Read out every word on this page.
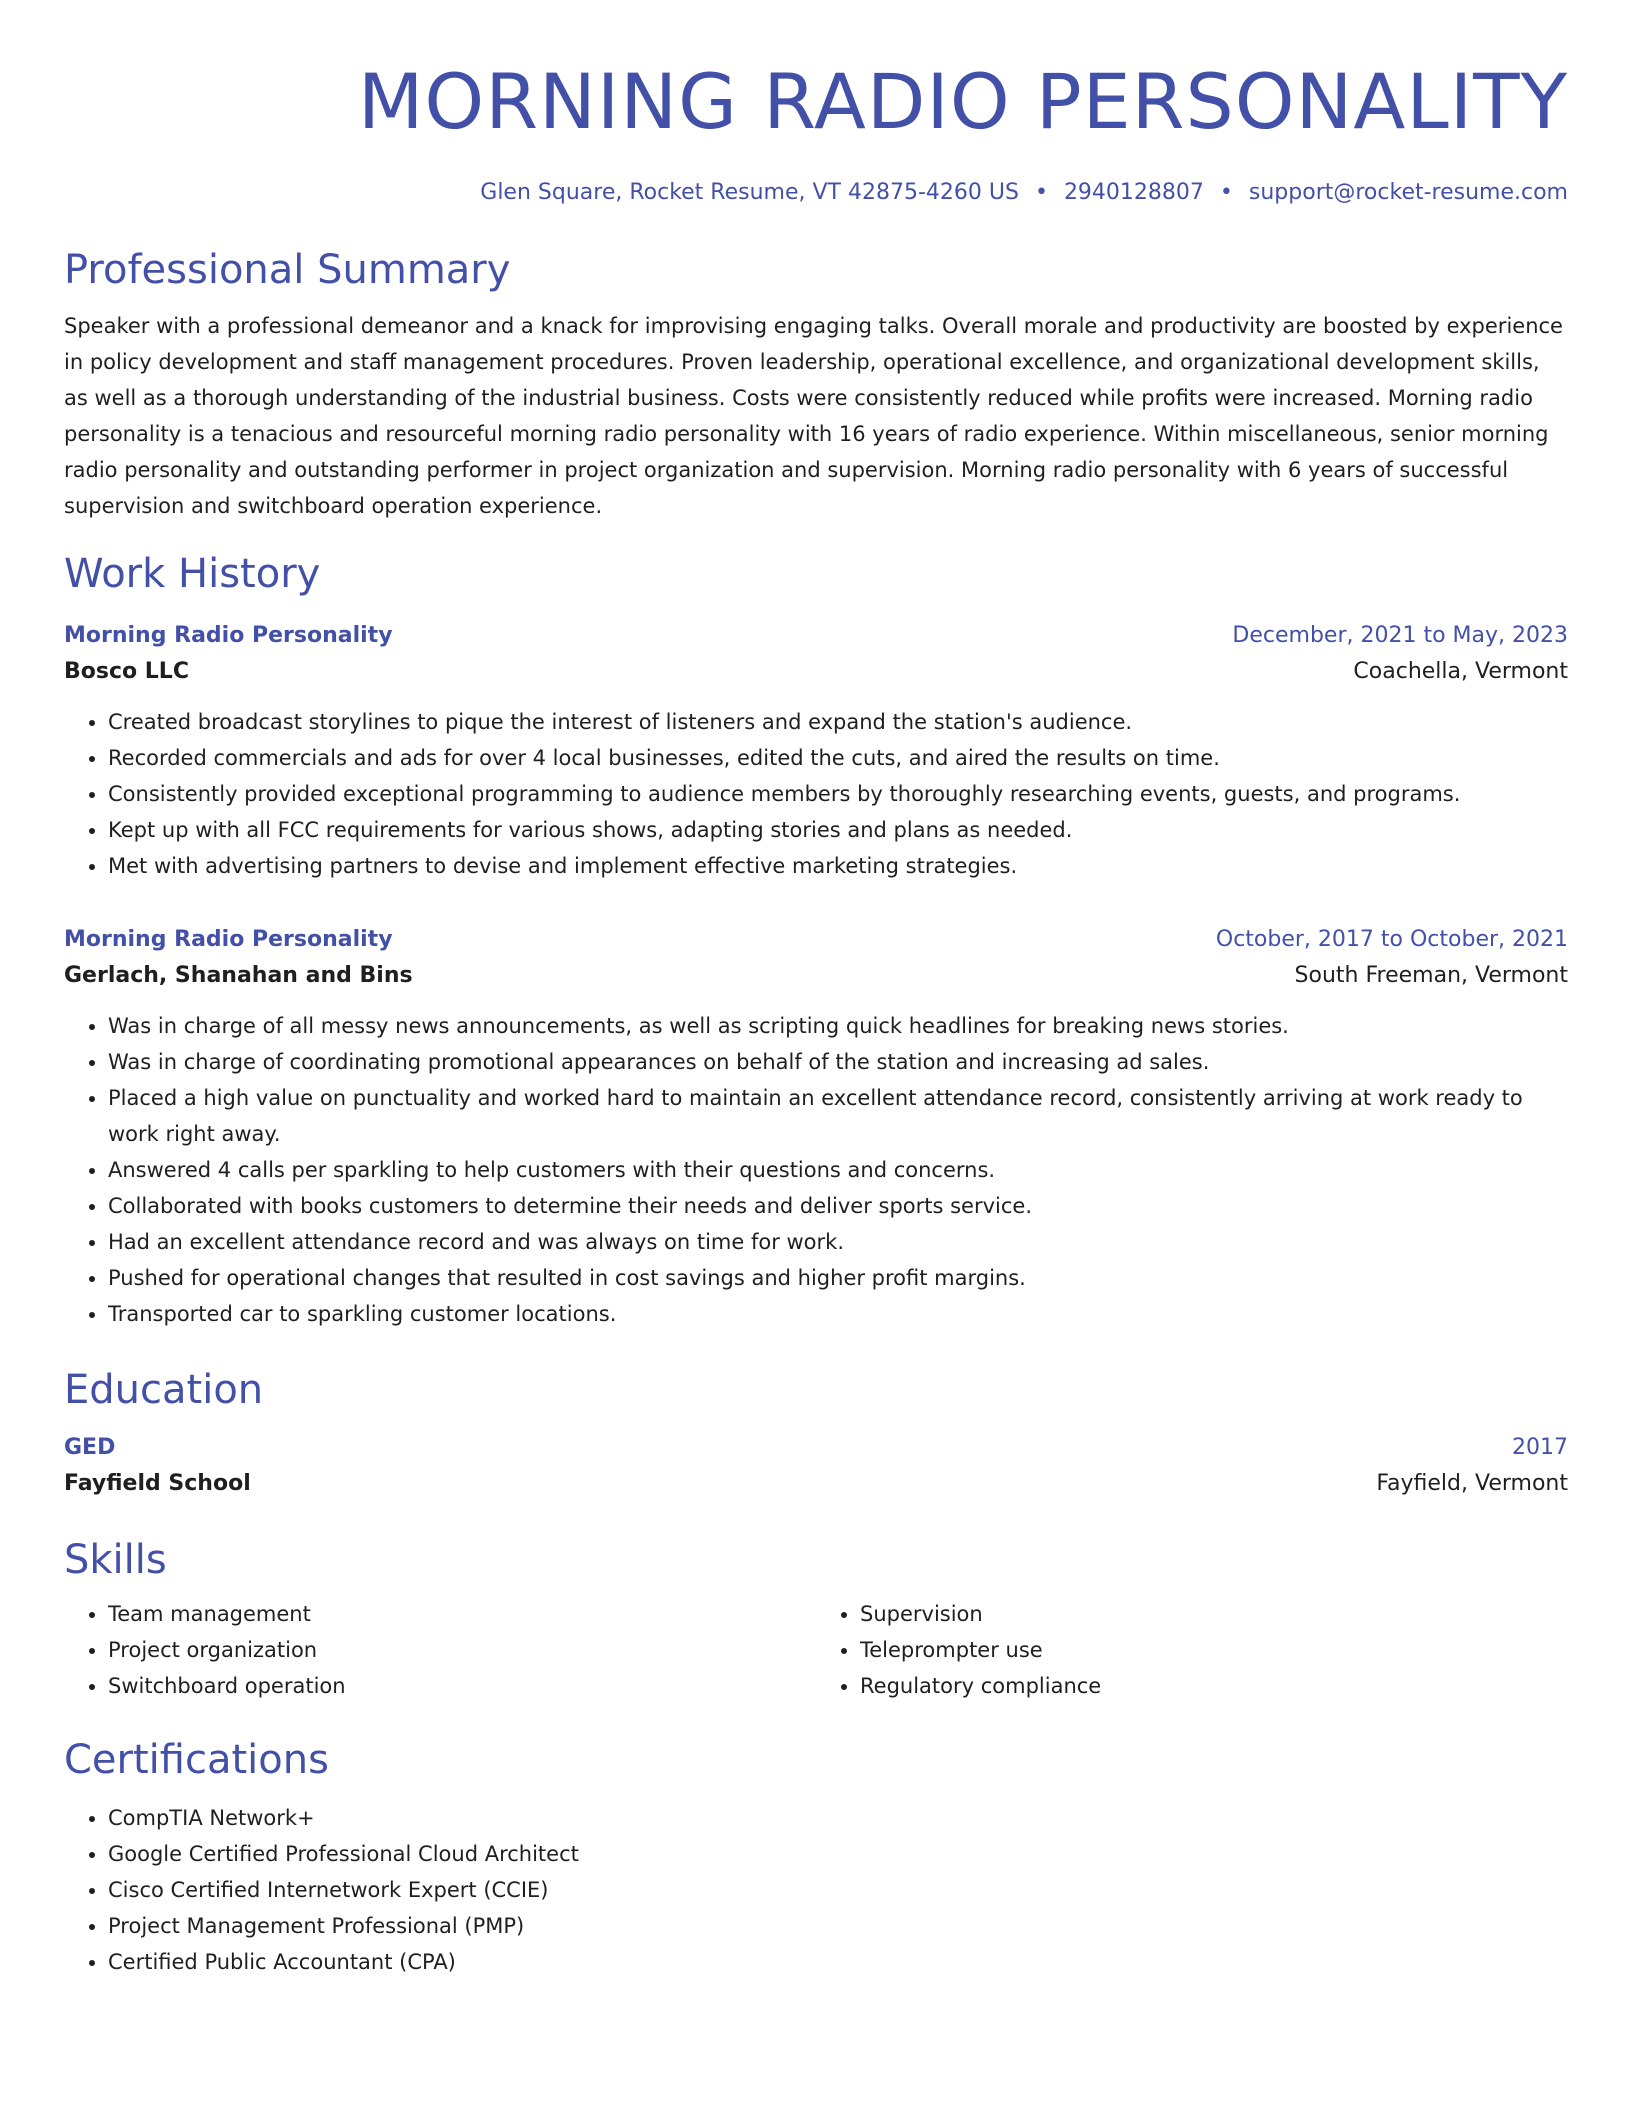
MORNING RADIO PERSONALITY
Glen Square, Rocket Resume, VT 42875-4260 US • 2940128807 • support@rocket-resume.com
Professional Summary
Speaker with a professional demeanor and a knack for improvising engaging talks. Overall morale and productivity are boosted by experience in policy development and staff management procedures. Proven leadership, operational excellence, and organizational development skills, as well as a thorough understanding of the industrial business. Costs were consistently reduced while profits were increased. Morning radio personality is a tenacious and resourceful morning radio personality with 16 years of radio experience. Within miscellaneous, senior morning radio personality and outstanding performer in project organization and supervision. Morning radio personality with 6 years of successful supervision and switchboard operation experience.
Work History
Morning Radio Personality	December, 2021 to May, 2023
Bosco LLC	Coachella, Vermont
• Created broadcast storylines to pique the interest of listeners and expand the station's audience.
• Recorded commercials and ads for over 4 local businesses, edited the cuts, and aired the results on time.
• Consistently provided exceptional programming to audience members by thoroughly researching events, guests, and programs.
• Kept up with all FCC requirements for various shows, adapting stories and plans as needed.
• Met with advertising partners to devise and implement effective marketing strategies.
Morning Radio Personality	October, 2017 to October, 2021
Gerlach, Shanahan and Bins	South Freeman, Vermont
• Was in charge of all messy news announcements, as well as scripting quick headlines for breaking news stories.
• Was in charge of coordinating promotional appearances on behalf of the station and increasing ad sales.
• Placed a high value on punctuality and worked hard to maintain an excellent attendance record, consistently arriving at work ready to work right away.
• Answered 4 calls per sparkling to help customers with their questions and concerns.
• Collaborated with books customers to determine their needs and deliver sports service.
• Had an excellent attendance record and was always on time for work.
• Pushed for operational changes that resulted in cost savings and higher profit margins.
• Transported car to sparkling customer locations.
Education
GED	2017
Fayfield School	Fayfield, Vermont
Skills
• Team management
• Project organization
• Switchboard operation
• Supervision
• Teleprompter use
• Regulatory compliance
Certifications
• CompTIA Network+
• Google Certified Professional Cloud Architect
• Cisco Certified Internetwork Expert (CCIE)
• Project Management Professional (PMP)
• Certified Public Accountant (CPA)
